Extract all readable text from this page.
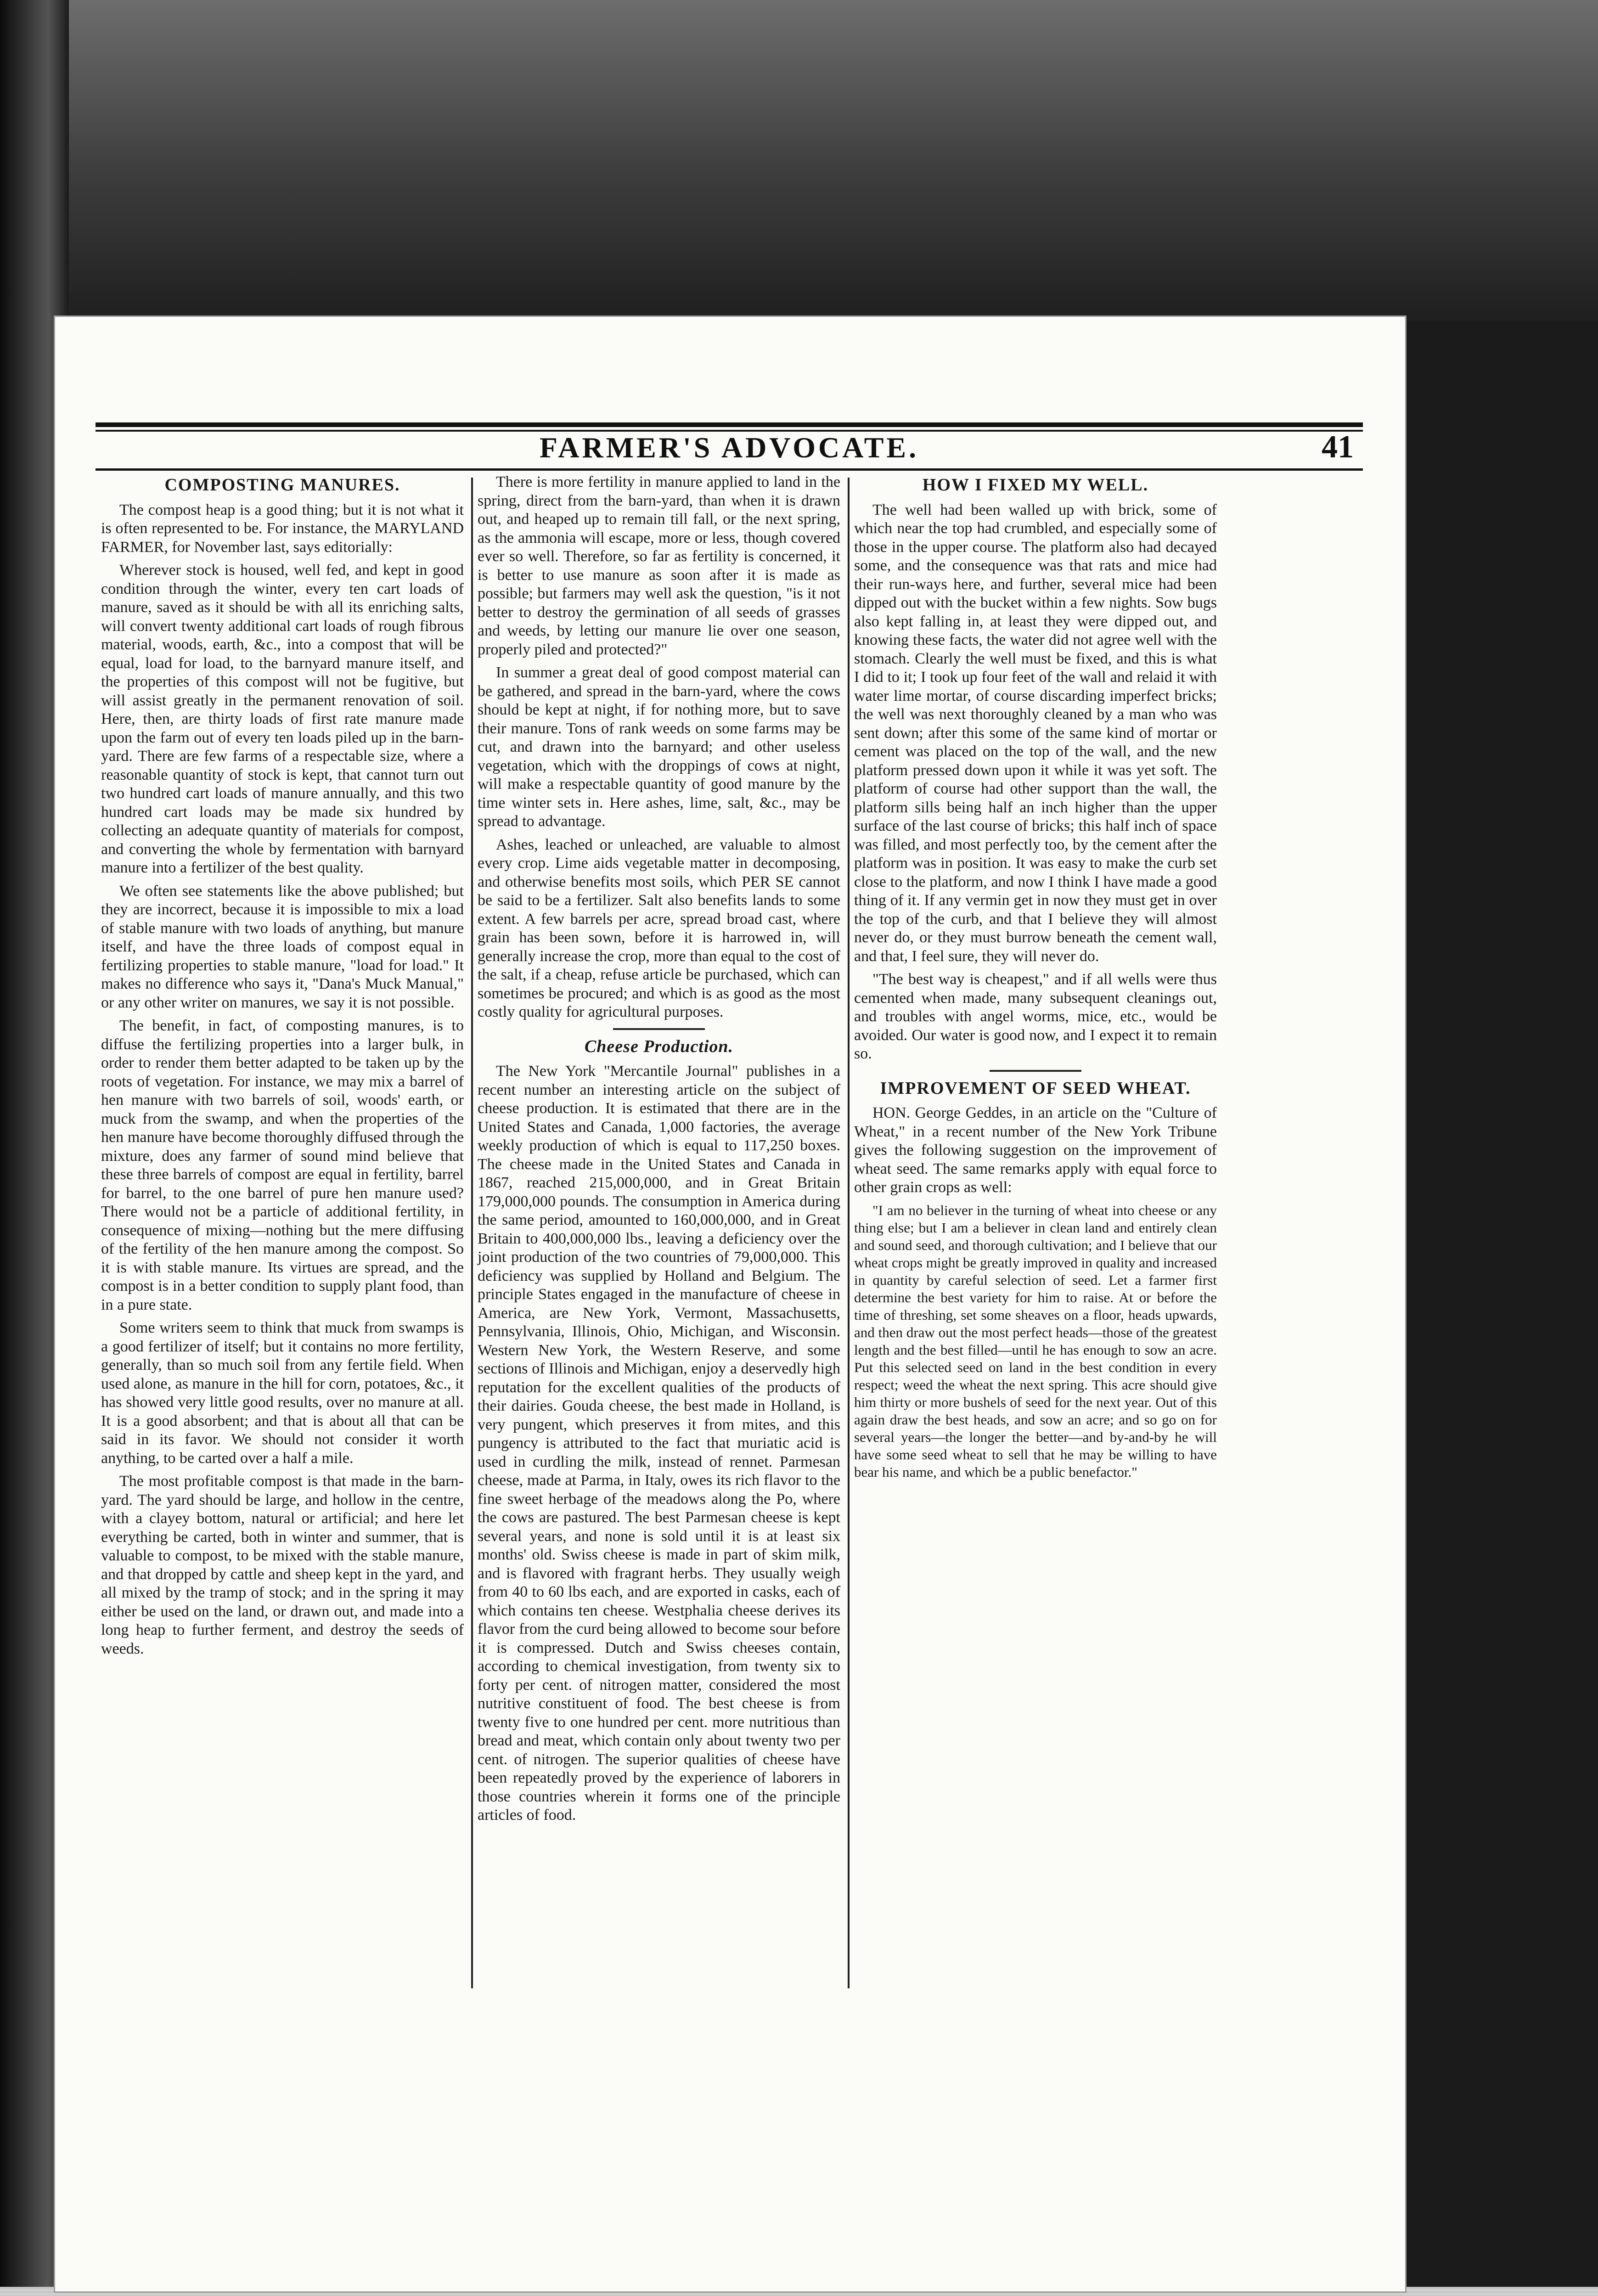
FARMER'S ADVOCATE.	41
COMPOSTING MANURES.

The compost heap is a good thing; but it is not what it is often represented to be. For instance, the MARYLAND FARMER, for November last, says editorially:

Wherever stock is housed, well fed, and kept in good condition through the winter, every ten cart loads of manure, saved as it should be with all its enriching salts, will convert twenty additional cart loads of rough fibrous material, woods, earth, &c., into a compost that will be equal, load for load, to the barnyard manure itself, and the properties of this compost will not be fugitive, but will assist greatly in the permanent renovation of soil. Here, then, are thirty loads of first rate manure made upon the farm out of every ten loads piled up in the barn-yard. There are few farms of a respectable size, where a reasonable quantity of stock is kept, that cannot turn out two hundred cart loads of manure annually, and this two hundred cart loads may be made six hundred by collecting an adequate quantity of materials for compost, and converting the whole by fermentation with barnyard manure into a fertilizer of the best quality.

We often see statements like the above published; but they are incorrect, because it is impossible to mix a load of stable manure with two loads of anything, but manure itself, and have the three loads of compost equal in fertilizing properties to stable manure, "load for load." It makes no difference who says it, "Dana's Muck Manual," or any other writer on manures, we say it is not possible.

The benefit, in fact, of composting manures, is to diffuse the fertilizing properties into a larger bulk, in order to render them better adapted to be taken up by the roots of vegetation. For instance, we may mix a barrel of hen manure with two barrels of soil, woods' earth, or muck from the swamp, and when the properties of the hen manure have become thoroughly diffused through the mixture, does any farmer of sound mind believe that these three barrels of compost are equal in fertility, barrel for barrel, to the one barrel of pure hen manure used? There would not be a particle of additional fertility, in consequence of mixing—nothing but the mere diffusing of the fertility of the hen manure among the compost. So it is with stable manure. Its virtues are spread, and the compost is in a better condition to supply plant food, than in a pure state.

Some writers seem to think that muck from swamps is a good fertilizer of itself; but it contains no more fertility, generally, than so much soil from any fertile field. When used alone, as manure in the hill for corn, potatoes, &c., it has showed very little good results, over no manure at all. It is a good absorbent; and that is about all that can be said in its favor. We should not consider it worth anything, to be carted over a half a mile.

The most profitable compost is that made in the barn-yard. The yard should be large, and hollow in the centre, with a clayey bottom, natural or artificial; and here let everything be carted, both in winter and summer, that is valuable to compost, to be mixed with the stable manure, and that dropped by cattle and sheep kept in the yard, and all mixed by the tramp of stock; and in the spring it may either be used on the land, or drawn out, and made into a long heap to further ferment, and destroy the seeds of weeds.

There is more fertility in manure applied to land in the spring, direct from the barn-yard, than when it is drawn out, and heaped up to remain till fall, or the next spring, as the ammonia will escape, more or less, though covered ever so well. Therefore, so far as fertility is concerned, it is better to use manure as soon after it is made as possible; but farmers may well ask the question, "is it not better to destroy the germination of all seeds of grasses and weeds, by letting our manure lie over one season, properly piled and protected?"

In summer a great deal of good compost material can be gathered, and spread in the barn-yard, where the cows should be kept at night, if for nothing more, but to save their manure. Tons of rank weeds on some farms may be cut, and drawn into the barnyard; and other useless vegetation, which with the droppings of cows at night, will make a respectable quantity of good manure by the time winter sets in. Here ashes, lime, salt, &c., may be spread to advantage.

Ashes, leached or unleached, are valuable to almost every crop. Lime aids vegetable matter in decomposing, and otherwise benefits most soils, which PER SE cannot be said to be a fertilizer. Salt also benefits lands to some extent. A few barrels per acre, spread broad cast, where grain has been sown, before it is harrowed in, will generally increase the crop, more than equal to the cost of the salt, if a cheap, refuse article be purchased, which can sometimes be procured; and which is as good as the most costly quality for agricultural purposes.

Cheese Production.

The New York "Mercantile Journal" publishes in a recent number an interesting article on the subject of cheese production. It is estimated that there are in the United States and Canada, 1,000 factories, the average weekly production of which is equal to 117,250 boxes. The cheese made in the United States and Canada in 1867, reached 215,000,000, and in Great Britain 179,000,000 pounds. The consumption in America during the same period, amounted to 160,000,000, and in Great Britain to 400,000,000 lbs., leaving a deficiency over the joint production of the two countries of 79,000,000. This deficiency was supplied by Holland and Belgium. The principle States engaged in the manufacture of cheese in America, are New York, Vermont, Massachusetts, Pennsylvania, Illinois, Ohio, Michigan, and Wisconsin. Western New York, the Western Reserve, and some sections of Illinois and Michigan, enjoy a deservedly high reputation for the excellent qualities of the products of their dairies. Gouda cheese, the best made in Holland, is very pungent, which preserves it from mites, and this pungency is attributed to the fact that muriatic acid is used in curdling the milk, instead of rennet. Parmesan cheese, made at Parma, in Italy, owes its rich flavor to the fine sweet herbage of the meadows along the Po, where the cows are pastured. The best Parmesan cheese is kept several years, and none is sold until it is at least six months' old. Swiss cheese is made in part of skim milk, and is flavored with fragrant herbs. They usually weigh from 40 to 60 lbs each, and are exported in casks, each of which contains ten cheese. Westphalia cheese derives its flavor from the curd being allowed to become sour before it is compressed. Dutch and Swiss cheeses contain, according to chemical investigation, from twenty six to forty per cent. of nitrogen matter, considered the most nutritive constituent of food. The best cheese is from twenty five to one hundred per cent. more nutritious than bread and meat, which contain only about twenty two per cent. of nitrogen. The superior qualities of cheese have been repeatedly proved by the experience of laborers in those countries wherein it forms one of the principle articles of food.

HOW I FIXED MY WELL.

The well had been walled up with brick, some of which near the top had crumbled, and especially some of those in the upper course. The platform also had decayed some, and the consequence was that rats and mice had their run-ways here, and further, several mice had been dipped out with the bucket within a few nights. Sow bugs also kept falling in, at least they were dipped out, and knowing these facts, the water did not agree well with the stomach. Clearly the well must be fixed, and this is what I did to it; I took up four feet of the wall and relaid it with water lime mortar, of course discarding imperfect bricks; the well was next thoroughly cleaned by a man who was sent down; after this some of the same kind of mortar or cement was placed on the top of the wall, and the new platform pressed down upon it while it was yet soft. The platform of course had other support than the wall, the platform sills being half an inch higher than the upper surface of the last course of bricks; this half inch of space was filled, and most perfectly too, by the cement after the platform was in position. It was easy to make the curb set close to the platform, and now I think I have made a good thing of it. If any vermin get in now they must get in over the top of the curb, and that I believe they will almost never do, or they must burrow beneath the cement wall, and that, I feel sure, they will never do.

"The best way is cheapest," and if all wells were thus cemented when made, many subsequent cleanings out, and troubles with angel worms, mice, etc., would be avoided. Our water is good now, and I expect it to remain so.

IMPROVEMENT OF SEED WHEAT.

HON. George Geddes, in an article on the "Culture of Wheat," in a recent number of the New York Tribune gives the following suggestion on the improvement of wheat seed. The same remarks apply with equal force to other grain crops as well:

"I am no believer in the turning of wheat into cheese or any thing else; but I am a believer in clean land and entirely clean and sound seed, and thorough cultivation; and I believe that our wheat crops might be greatly improved in quality and increased in quantity by careful selection of seed. Let a farmer first determine the best variety for him to raise. At or before the time of threshing, set some sheaves on a floor, heads upwards, and then draw out the most perfect heads—those of the greatest length and the best filled—until he has enough to sow an acre. Put this selected seed on land in the best condition in every respect; weed the wheat the next spring. This acre should give him thirty or more bushels of seed for the next year. Out of this again draw the best heads, and sow an acre; and so go on for several years—the longer the better—and by-and-by he will have some seed wheat to sell that he may be willing to have bear his name, and which be a public benefactor."
